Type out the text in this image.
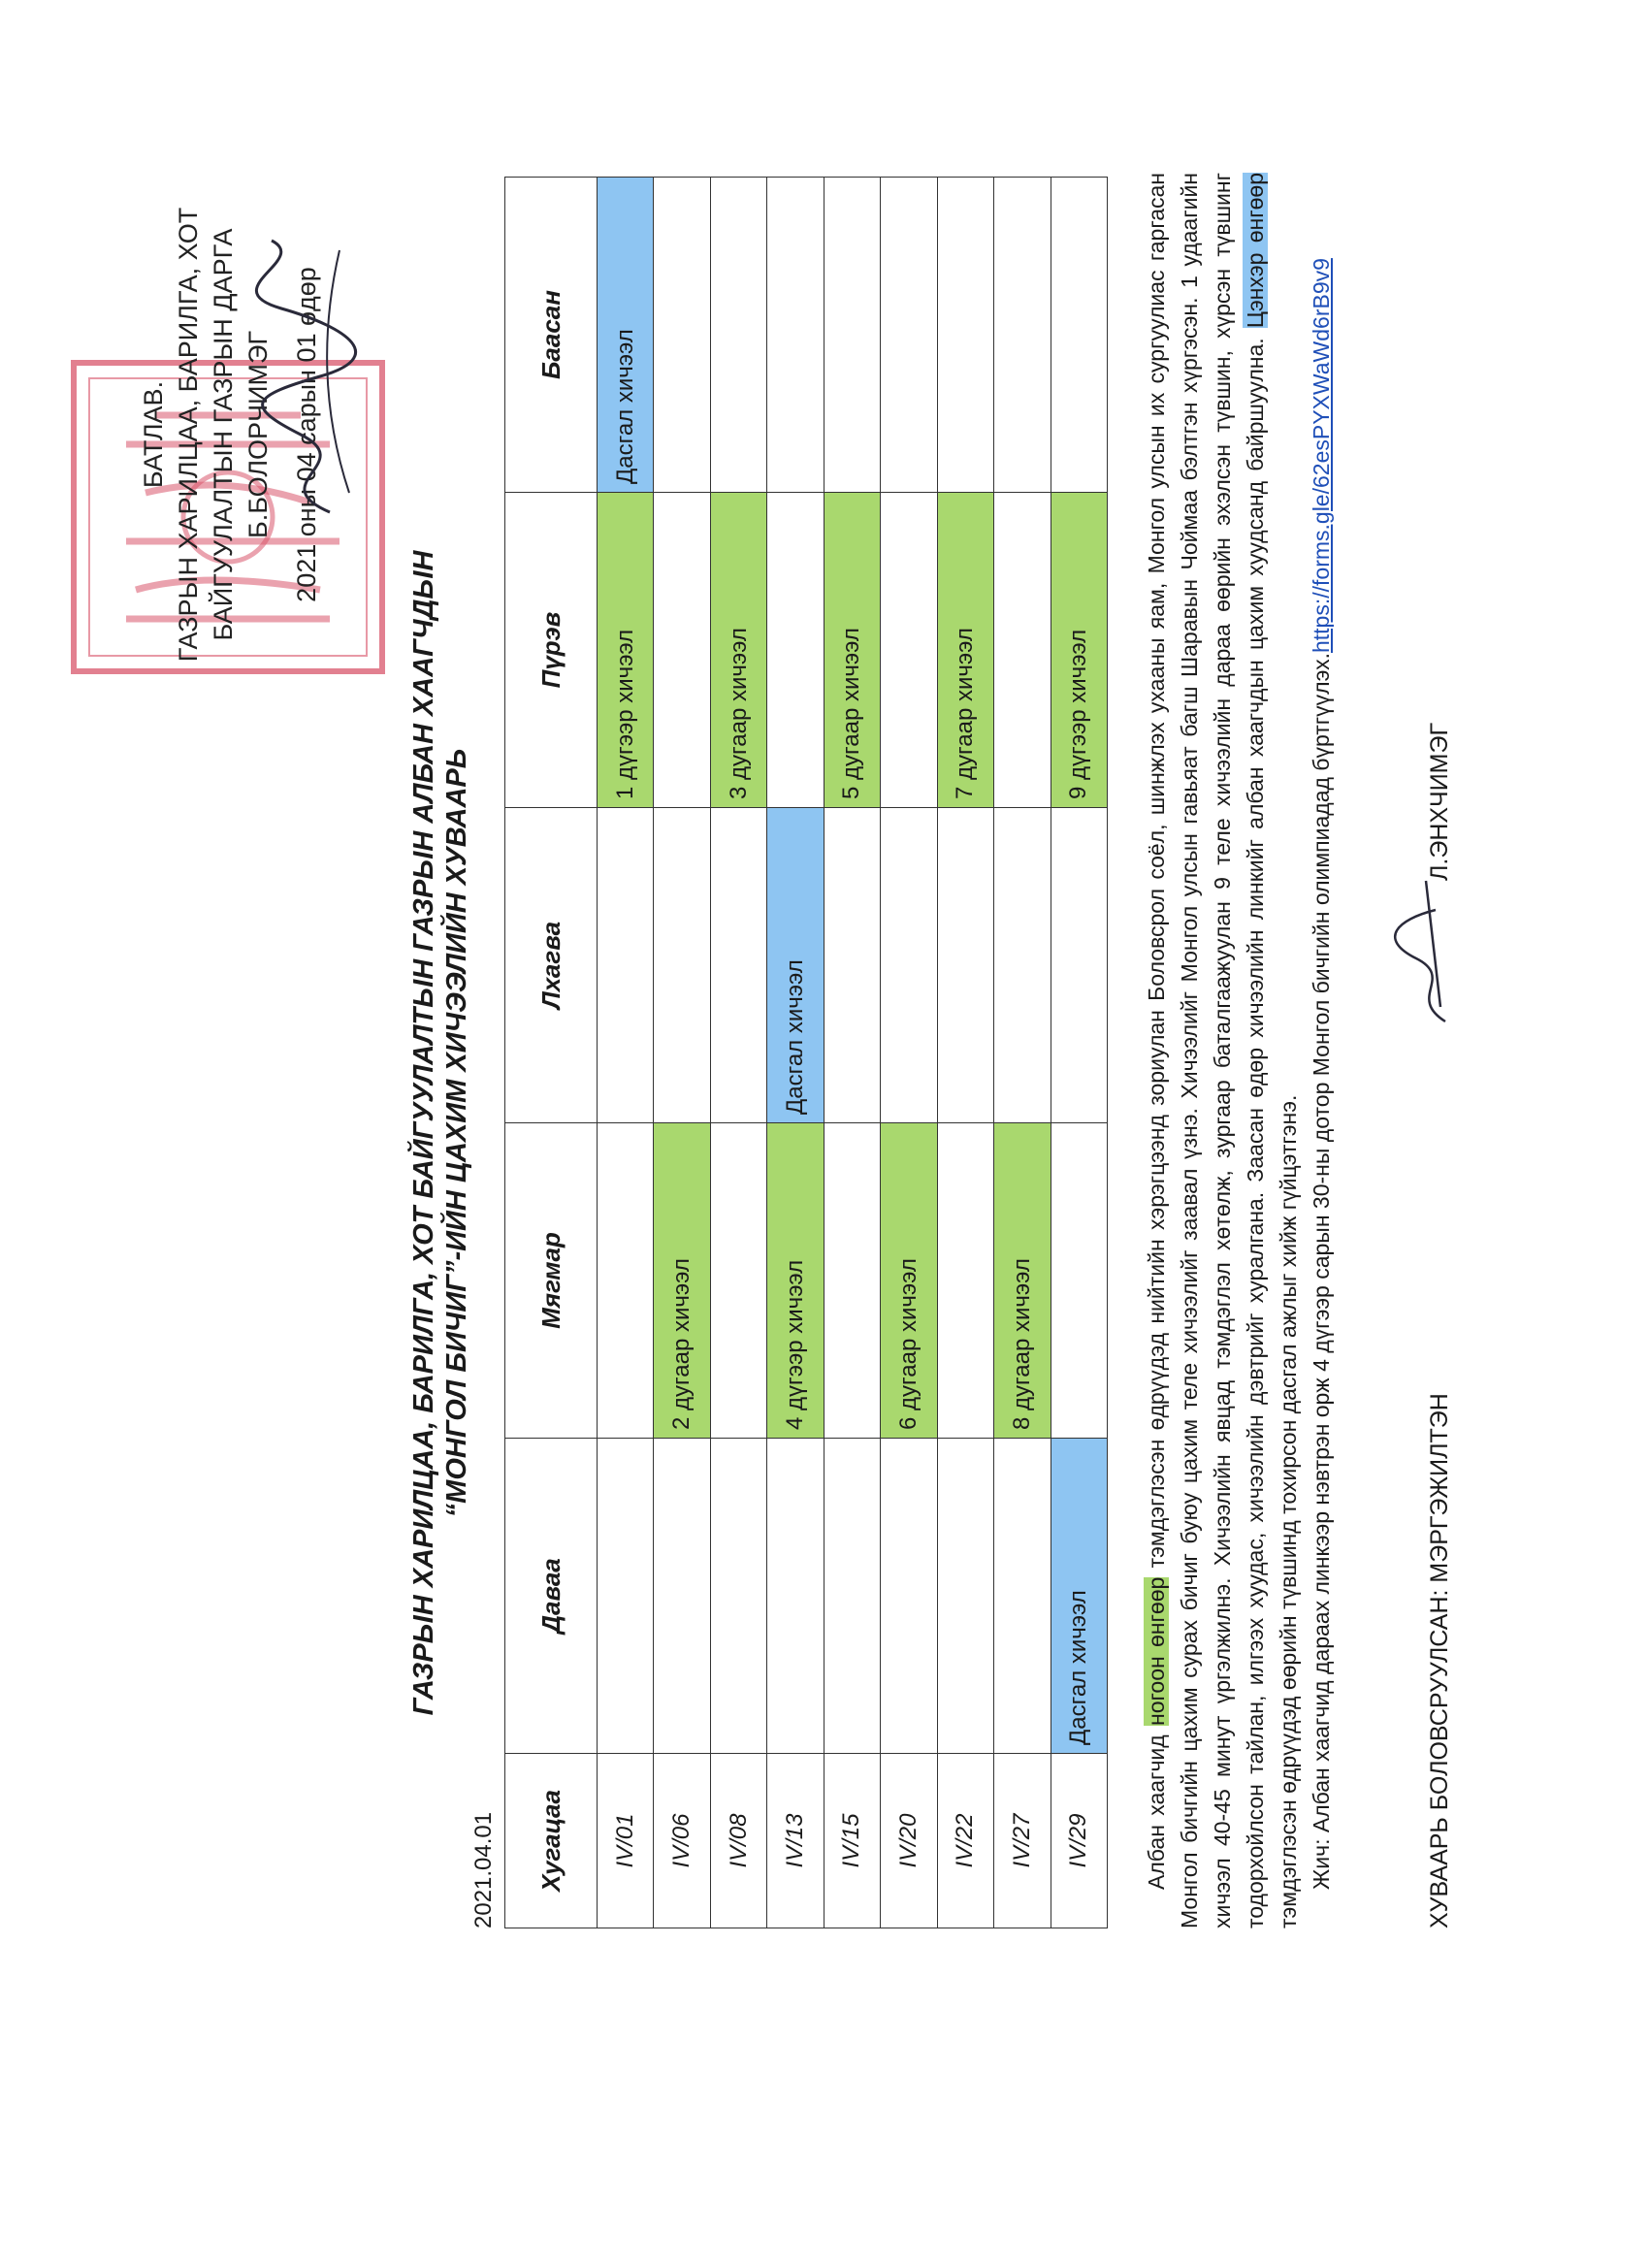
БАТЛАВ. ГАЗРЫН ХАРИЛЦАА, БАРИЛГА, ХОТ БАЙГУУЛАЛТЫН ГАЗРЫН ДАРГА Б.БОЛОРЧИМЭГ 2021 оны 04 сарын 01 өдөр
2021.04.01
ГАЗРЫН ХАРИЛЦАА, БАРИЛГА, ХОТ БАЙГУУЛАЛТЫН ГАЗРЫН АЛБАН ХААГЧДЫН “МОНГОЛ БИЧИГ”-ИЙН ЦАХИМ ХИЧЭЭЛИЙН ХУВААРЬ
Хугацаа	Даваа	Мягмар	Лхагва	Пүрэв	Баасан
IV/01				1 дүгээр хичээл	Дасгал хичээл
IV/06		2 дугаар хичээл			
IV/08				3 дугаар хичээл	
IV/13		4 дүгээр хичээл	Дасгал хичээл		
IV/15				5 дугаар хичээл	
IV/20		6 дугаар хичээл			
IV/22				7 дугаар хичээл	
IV/27		8 дугаар хичээл			
IV/29	Дасгал хичээл			9 дүгээр хичээл	

Албан хаагчид ногоон өнгөөр тэмдэглэсэн өдрүүдэд нийтийн хэрэгцээнд зориулан Боловсрол соёл, шинжлэх ухааны яам, Монгол улсын их сургуулиас гаргасан Монгол бичгийн цахим сурах бичиг буюу цахим теле хичээлийг заавал үзнэ. Хичээлийг Монгол улсын гавьяат багш Шаравын Чоймаа бэлтгэн хүргэсэн. 1 удаагийн хичээл 40-45 минут үргэлжилнэ. Хичээлийн явцад тэмдэглэл хөтөлж, зургаар баталгаажуулан 9 теле хичээлийн дараа өөрийн эхэлсэн түвшин, хүрсэн түвшинг тодорхойлсон тайлан, илгээх хуудас, хичээлийн дэвтрийг хуралгана. Заасан өдөр хичээлийн линкийг албан хаагчдын цахим хуудсанд байршуулна. Цэнхэр өнгөөр тэмдэглэсэн өдрүүдэд өөрийн түвшинд тохирсон дасгал ажлыг хийж гүйцэтгэнэ. Жич: Албан хаагчид дараах линкээр нэвтрэн орж 4 дүгээр сарын 30-ны дотор Монгол бичгийн олимпиадад бүртгүүлэх.https://forms.gle/62esPYXWaWd6rB9v9

ХУВААРЬ БОЛОВСРУУЛСАН: МЭРГЭЖИЛТЭН
Л.ЭНХЧИМЭГ
